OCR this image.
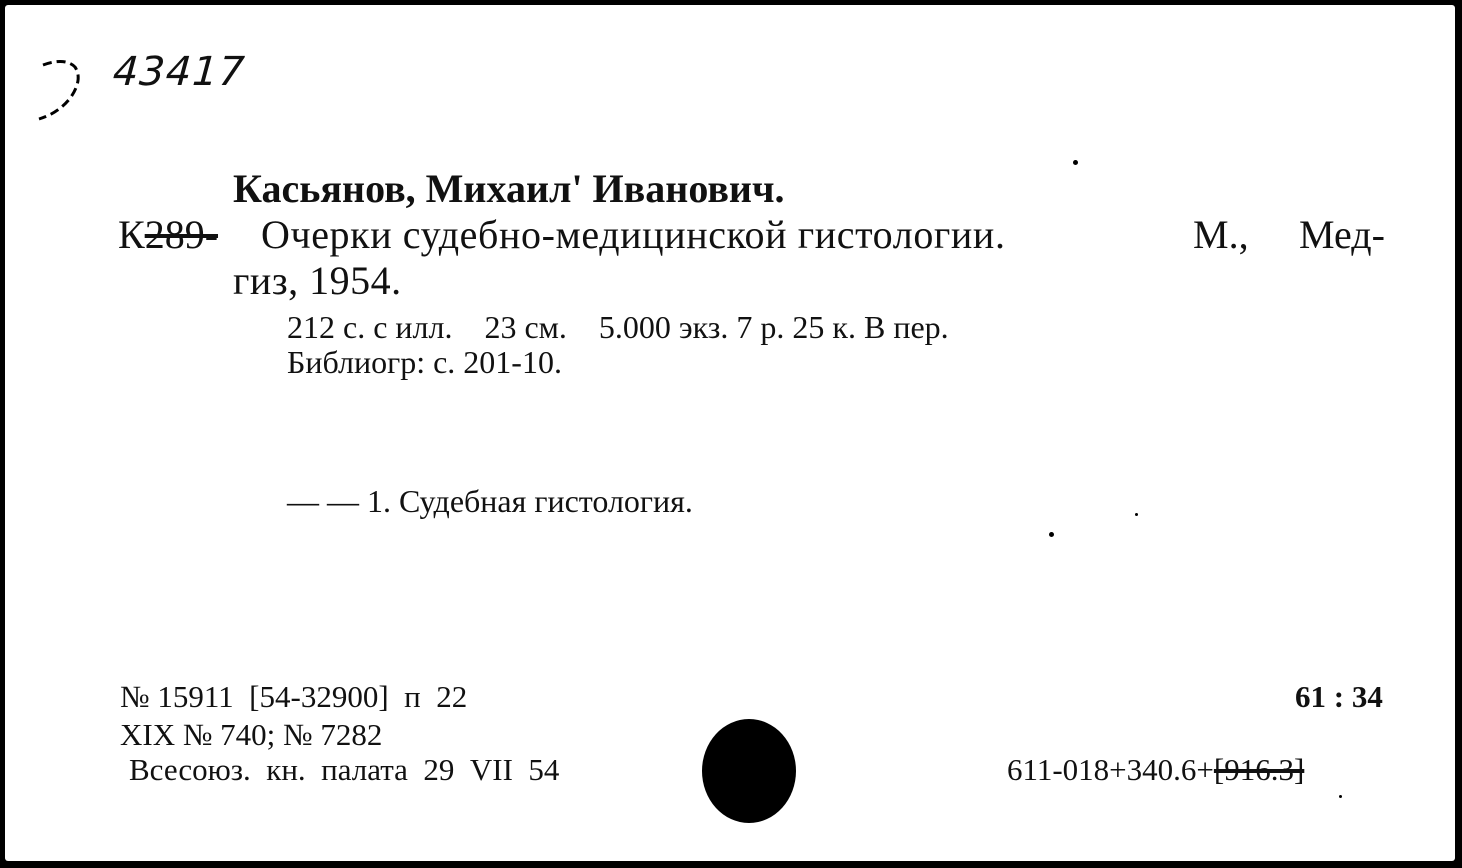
43417
Касьянов, Михаил' Иванович.
К289- Очерки судебно-медицинской гистологии.	М., Мед-
гиз, 1954.
212 с. с илл.    23 см.    5.000 экз. 7 р. 25 к. В пер.
Библиогр: с. 201-10.
— — 1. Судебная гистология.
№ 15911  [54-32900]  п  22
XIX № 740; № 7282
Всесоюз.  кн.  палата  29  VII  54
61 : 34
611-018+340.6+[916.3]
